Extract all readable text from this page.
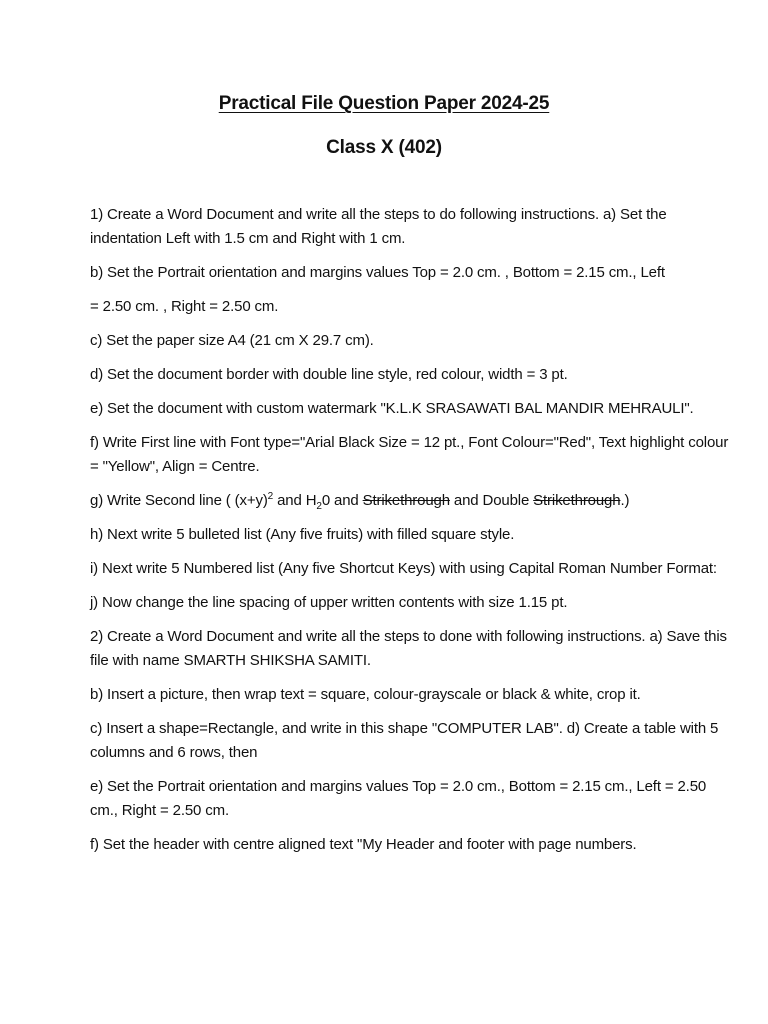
Practical File Question Paper 2024-25
Class X (402)

1) Create a Word Document and write all the steps to do following instructions. a) Set the indentation Left with 1.5 cm and Right with 1 cm.

b) Set the Portrait orientation and margins values Top = 2.0 cm. , Bottom = 2.15 cm., Left

= 2.50 cm. , Right = 2.50 cm.

c) Set the paper size A4 (21 cm X 29.7 cm).

d) Set the document border with double line style, red colour, width = 3 pt.

e) Set the document with custom watermark "K.L.K SRASAWATI BAL MANDIR MEHRAULI".

f) Write First line with Font type="Arial Black Size = 12 pt., Font Colour="Red", Text highlight colour = "Yellow", Align = Centre.

g) Write Second line ( $(x+y)^2$ and $H_20$ and Strikethrough and Double Strikethrough.)

h) Next write 5 bulleted list (Any five fruits) with filled square style.

i) Next write 5 Numbered list (Any five Shortcut Keys) with using Capital Roman Number Format:

j) Now change the line spacing of upper written contents with size 1.15 pt.

2) Create a Word Document and write all the steps to done with following instructions. a) Save this file with name SMARTH SHIKSHA SAMITI.

b) Insert a picture, then wrap text = square, colour-grayscale or black & white, crop it.

c) Insert a shape=Rectangle, and write in this shape "COMPUTER LAB". d) Create a table with 5 columns and 6 rows, then

e) Set the Portrait orientation and margins values Top = 2.0 cm., Bottom = 2.15 cm., Left = 2.50 cm., Right = 2.50 cm.

f) Set the header with centre aligned text "My Header and footer with page numbers.
